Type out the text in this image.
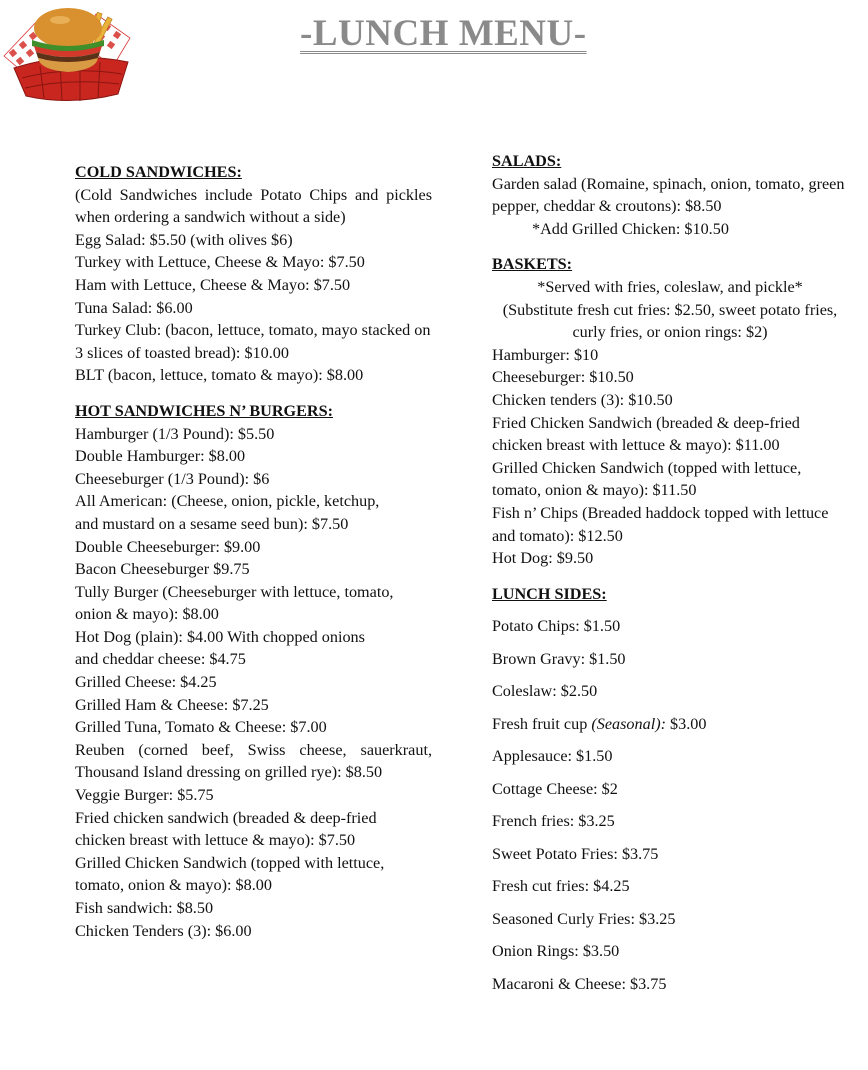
-LUNCH MENU-
COLD SANDWICHES:
(Cold Sandwiches include Potato Chips and pickles when ordering a sandwich without a side)
Egg Salad: $5.50 (with olives $6)
Turkey with Lettuce, Cheese & Mayo: $7.50
Ham with Lettuce, Cheese & Mayo: $7.50
Tuna Salad: $6.00
Turkey Club: (bacon, lettuce, tomato, mayo stacked on 3 slices of toasted bread): $10.00
BLT (bacon, lettuce, tomato & mayo): $8.00
HOT SANDWICHES N’ BURGERS:
Hamburger (1/3 Pound): $5.50
Double Hamburger: $8.00
Cheeseburger (1/3 Pound): $6
All American: (Cheese, onion, pickle, ketchup, and mustard on a sesame seed bun): $7.50
Double Cheeseburger: $9.00
Bacon Cheeseburger $9.75
Tully Burger (Cheeseburger with lettuce, tomato, onion & mayo): $8.00
Hot Dog (plain): $4.00 With chopped onions and cheddar cheese: $4.75
Grilled Cheese: $4.25
Grilled Ham & Cheese: $7.25
Grilled Tuna, Tomato & Cheese: $7.00
Reuben (corned beef, Swiss cheese, sauerkraut, Thousand Island dressing on grilled rye): $8.50
Veggie Burger: $5.75
Fried chicken sandwich (breaded & deep-fried chicken breast with lettuce & mayo): $7.50
Grilled Chicken Sandwich (topped with lettuce, tomato, onion & mayo): $8.00
Fish sandwich: $8.50
Chicken Tenders (3): $6.00
SALADS:
Garden salad (Romaine, spinach, onion, tomato, green pepper, cheddar & croutons): $8.50
*Add Grilled Chicken: $10.50
BASKETS:
*Served with fries, coleslaw, and pickle*
(Substitute fresh cut fries: $2.50, sweet potato fries, curly fries, or onion rings: $2)
Hamburger: $10
Cheeseburger: $10.50
Chicken tenders (3): $10.50
Fried Chicken Sandwich (breaded & deep-fried chicken breast with lettuce & mayo): $11.00
Grilled Chicken Sandwich (topped with lettuce, tomato, onion & mayo): $11.50
Fish n’ Chips (Breaded haddock topped with lettuce and tomato): $12.50
Hot Dog: $9.50
LUNCH SIDES:
Potato Chips: $1.50
Brown Gravy: $1.50
Coleslaw: $2.50
Fresh fruit cup (Seasonal): $3.00
Applesauce: $1.50
Cottage Cheese: $2
French fries: $3.25
Sweet Potato Fries: $3.75
Fresh cut fries: $4.25
Seasoned Curly Fries: $3.25
Onion Rings: $3.50
Macaroni & Cheese: $3.75
